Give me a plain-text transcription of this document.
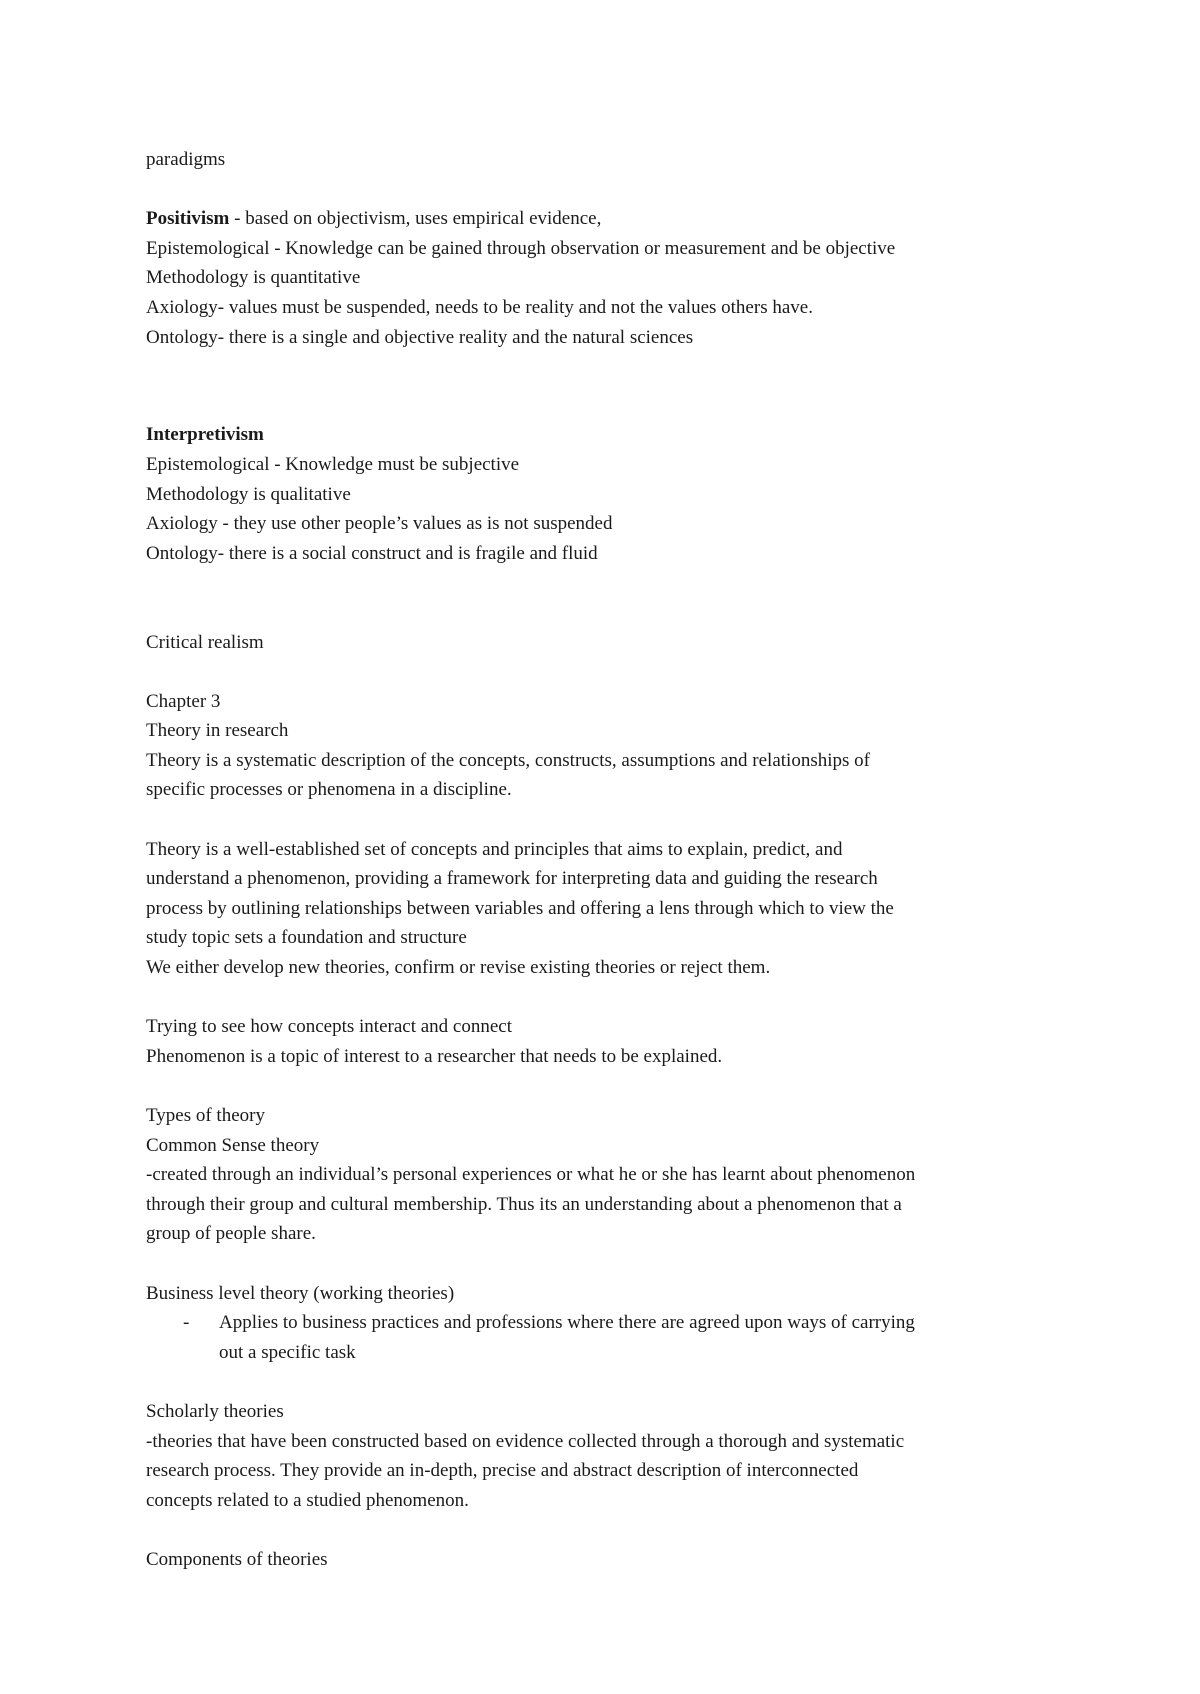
paradigms

Positivism - based on objectivism, uses empirical evidence,

Epistemological - Knowledge can be gained through observation or measurement and be objective

Methodology is quantitative

Axiology- values must be suspended, needs to be reality and not the values others have.

Ontology- there is a single and objective reality and the natural sciences

Interpretivism

Epistemological - Knowledge must be subjective

Methodology is qualitative

Axiology - they use other people’s values as is not suspended

Ontology- there is a social construct and is fragile and fluid

Critical realism

Chapter 3

Theory in research

Theory is a systematic description of the concepts, constructs, assumptions and relationships of

specific processes or phenomena in a discipline.

Theory is a well-established set of concepts and principles that aims to explain, predict, and

understand a phenomenon, providing a framework for interpreting data and guiding the research

process by outlining relationships between variables and offering a lens through which to view the

study topic sets a foundation and structure

We either develop new theories, confirm or revise existing theories or reject them.

Trying to see how concepts interact and connect

Phenomenon is a topic of interest to a researcher that needs to be explained.

Types of theory

Common Sense theory

-created through an individual’s personal experiences or what he or she has learnt about phenomenon

through their group and cultural membership. Thus its an understanding about a phenomenon that a

group of people share.

Business level theory (working theories)

-	Applies to business practices and professions where there are agreed upon ways of carrying

out a specific task

Scholarly theories

-theories that have been constructed based on evidence collected through a thorough and systematic

research process. They provide an in-depth, precise and abstract description of interconnected

concepts related to a studied phenomenon.

Components of theories
